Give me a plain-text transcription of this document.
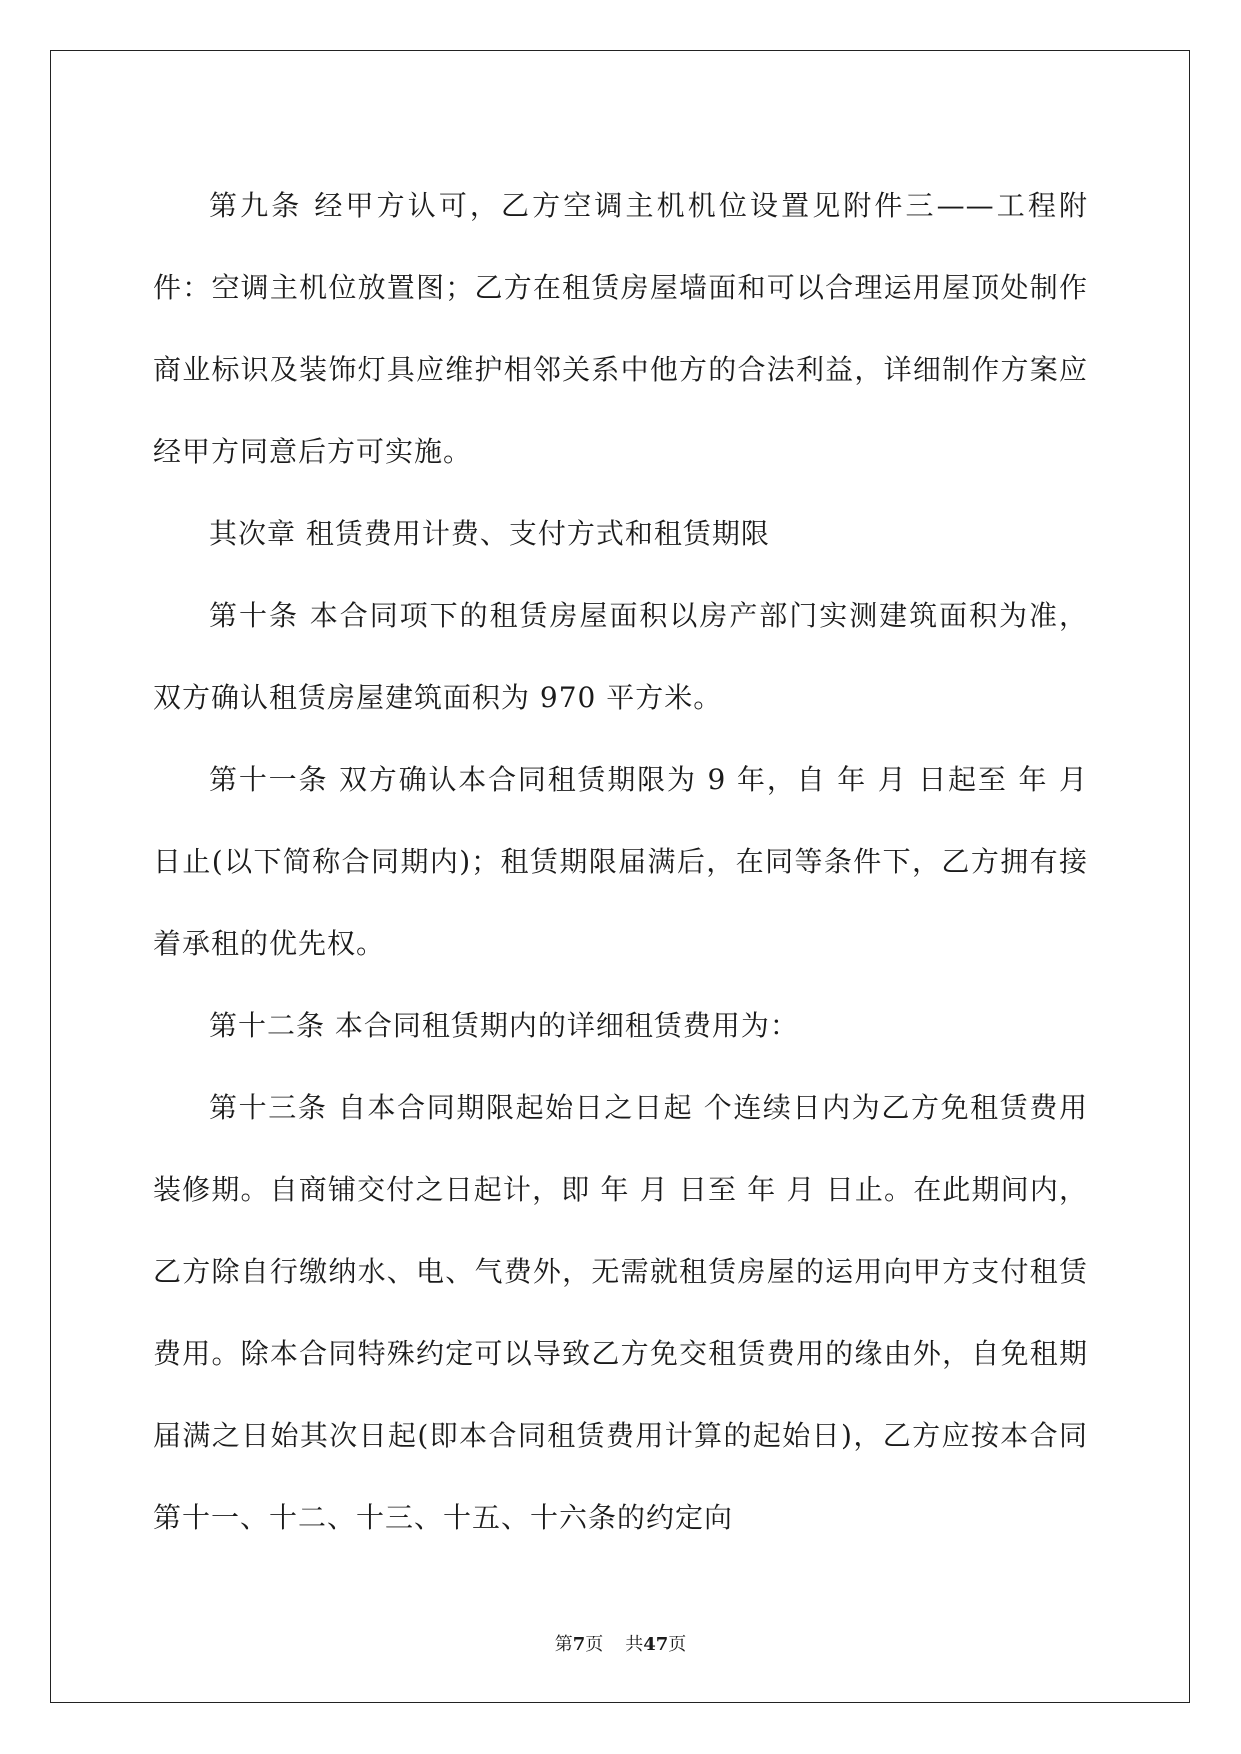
第九条 经甲方认可，乙方空调主机机位设置见附件三——工程附件：空调主机位放置图；乙方在租赁房屋墙面和可以合理运用屋顶处制作商业标识及装饰灯具应维护相邻关系中他方的合法利益，详细制作方案应经甲方同意后方可实施。

其次章 租赁费用计费、支付方式和租赁期限

第十条 本合同项下的租赁房屋面积以房产部门实测建筑面积为准，双方确认租赁房屋建筑面积为 970 平方米。

第十一条 双方确认本合同租赁期限为 9 年，自 年 月 日起至 年 月 日止(以下简称合同期内)；租赁期限届满后，在同等条件下，乙方拥有接着承租的优先权。

第十二条 本合同租赁期内的详细租赁费用为：

第十三条 自本合同期限起始日之日起 个连续日内为乙方免租赁费用装修期。自商铺交付之日起计，即 年 月 日至 年 月 日止。在此期间内，乙方除自行缴纳水、电、气费外，无需就租赁房屋的运用向甲方支付租赁费用。除本合同特殊约定可以导致乙方免交租赁费用的缘由外，自免租期届满之日始其次日起(即本合同租赁费用计算的起始日)，乙方应按本合同第十一、十二、十三、十五、十六条的约定向

第7页 共47页
